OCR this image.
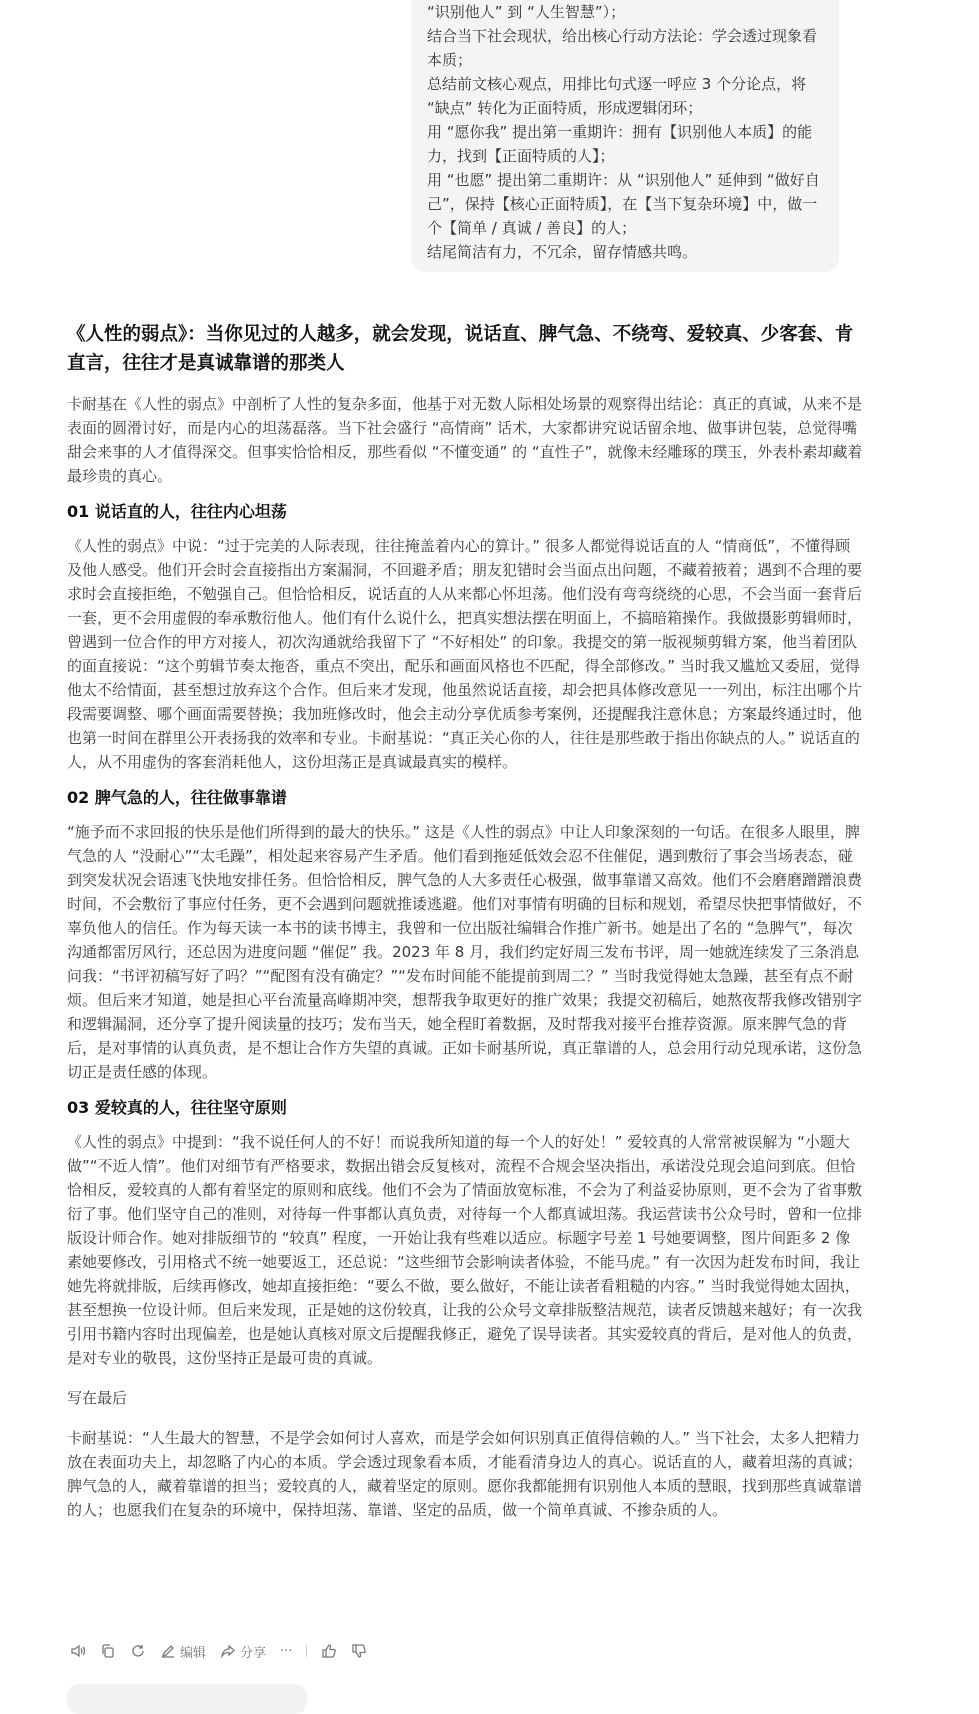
“识别他人” 到 “人生智慧”）；

结合当下社会现状，给出核心行动方法论：学会透过现象看本质；

总结前文核心观点，用排比句式逐一呼应 3 个分论点，将 “缺点” 转化为正面特质，形成逻辑闭环；

用 “愿你我” 提出第一重期许：拥有【识别他人本质】的能力，找到【正面特质的人】；

用 “也愿” 提出第二重期许：从 “识别他人” 延伸到 “做好自己”，保持【核心正面特质】，在【当下复杂环境】中，做一个【简单 / 真诚 / 善良】的人；

结尾简洁有力，不冗余，留存情感共鸣。

《人性的弱点》：当你见过的人越多，就会发现，说话直、脾气急、不绕弯、爱较真、少客套、肯直言，往往才是真诚靠谱的那类人

卡耐基在《人性的弱点》中剖析了人性的复杂多面，他基于对无数人际相处场景的观察得出结论：真正的真诚，从来不是表面的圆滑讨好，而是内心的坦荡磊落。当下社会盛行 “高情商” 话术，大家都讲究说话留余地、做事讲包装，总觉得嘴甜会来事的人才值得深交。但事实恰恰相反，那些看似 “不懂变通” 的 “直性子”，就像未经雕琢的璞玉，外表朴素却藏着最珍贵的真心。

01 说话直的人，往往内心坦荡

《人性的弱点》中说：“过于完美的人际表现，往往掩盖着内心的算计。” 很多人都觉得说话直的人 “情商低”，不懂得顾及他人感受。他们开会时会直接指出方案漏洞，不回避矛盾；朋友犯错时会当面点出问题，不藏着掖着；遇到不合理的要求时会直接拒绝，不勉强自己。但恰恰相反，说话直的人从来都心怀坦荡。他们没有弯弯绕绕的心思，不会当面一套背后一套，更不会用虚假的奉承敷衍他人。他们有什么说什么，把真实想法摆在明面上，不搞暗箱操作。我做摄影剪辑师时，曾遇到一位合作的甲方对接人，初次沟通就给我留下了 “不好相处” 的印象。我提交的第一版视频剪辑方案，他当着团队的面直接说：“这个剪辑节奏太拖沓，重点不突出，配乐和画面风格也不匹配，得全部修改。” 当时我又尴尬又委屈，觉得他太不给情面，甚至想过放弃这个合作。但后来才发现，他虽然说话直接，却会把具体修改意见一一列出，标注出哪个片段需要调整、哪个画面需要替换；我加班修改时，他会主动分享优质参考案例，还提醒我注意休息；方案最终通过时，他也第一时间在群里公开表扬我的效率和专业。卡耐基说：“真正关心你的人，往往是那些敢于指出你缺点的人。” 说话直的人，从不用虚伪的客套消耗他人，这份坦荡正是真诚最真实的模样。

02 脾气急的人，往往做事靠谱

“施予而不求回报的快乐是他们所得到的最大的快乐。” 这是《人性的弱点》中让人印象深刻的一句话。在很多人眼里，脾气急的人 “没耐心”“太毛躁”，相处起来容易产生矛盾。他们看到拖延低效会忍不住催促，遇到敷衍了事会当场表态，碰到突发状况会语速飞快地安排任务。但恰恰相反，脾气急的人大多责任心极强，做事靠谱又高效。他们不会磨磨蹭蹭浪费时间，不会敷衍了事应付任务，更不会遇到问题就推诿逃避。他们对事情有明确的目标和规划，希望尽快把事情做好，不辜负他人的信任。作为每天读一本书的读书博主，我曾和一位出版社编辑合作推广新书。她是出了名的 “急脾气”，每次沟通都雷厉风行，还总因为进度问题 “催促” 我。2023 年 8 月，我们约定好周三发布书评，周一她就连续发了三条消息问我：“书评初稿写好了吗？”“配图有没有确定？”“发布时间能不能提前到周二？” 当时我觉得她太急躁，甚至有点不耐烦。但后来才知道，她是担心平台流量高峰期冲突，想帮我争取更好的推广效果；我提交初稿后，她熬夜帮我修改错别字和逻辑漏洞，还分享了提升阅读量的技巧；发布当天，她全程盯着数据，及时帮我对接平台推荐资源。原来脾气急的背后，是对事情的认真负责，是不想让合作方失望的真诚。正如卡耐基所说，真正靠谱的人，总会用行动兑现承诺，这份急切正是责任感的体现。

03 爱较真的人，往往坚守原则

《人性的弱点》中提到：“我不说任何人的不好！而说我所知道的每一个人的好处！” 爱较真的人常常被误解为 “小题大做”“不近人情”。他们对细节有严格要求，数据出错会反复核对，流程不合规会坚决指出，承诺没兑现会追问到底。但恰恰相反，爱较真的人都有着坚定的原则和底线。他们不会为了情面放宽标准，不会为了利益妥协原则，更不会为了省事敷衍了事。他们坚守自己的准则，对待每一件事都认真负责，对待每一个人都真诚坦荡。我运营读书公众号时，曾和一位排版设计师合作。她对排版细节的 “较真” 程度，一开始让我有些难以适应。标题字号差 1 号她要调整，图片间距多 2 像素她要修改，引用格式不统一她要返工，还总说：“这些细节会影响读者体验，不能马虎。” 有一次因为赶发布时间，我让她先将就排版，后续再修改，她却直接拒绝：“要么不做，要么做好，不能让读者看粗糙的内容。” 当时我觉得她太固执，甚至想换一位设计师。但后来发现，正是她的这份较真，让我的公众号文章排版整洁规范，读者反馈越来越好；有一次我引用书籍内容时出现偏差，也是她认真核对原文后提醒我修正，避免了误导读者。其实爱较真的背后，是对他人的负责，是对专业的敬畏，这份坚持正是最可贵的真诚。

写在最后

卡耐基说：“人生最大的智慧，不是学会如何讨人喜欢，而是学会如何识别真正值得信赖的人。” 当下社会，太多人把精力放在表面功夫上，却忽略了内心的本质。学会透过现象看本质，才能看清身边人的真心。说话直的人，藏着坦荡的真诚；脾气急的人，藏着靠谱的担当；爱较真的人，藏着坚定的原则。愿你我都能拥有识别他人本质的慧眼，找到那些真诚靠谱的人；也愿我们在复杂的环境中，保持坦荡、靠谱、坚定的品质，做一个简单真诚、不掺杂质的人。

编辑	分享 ···
